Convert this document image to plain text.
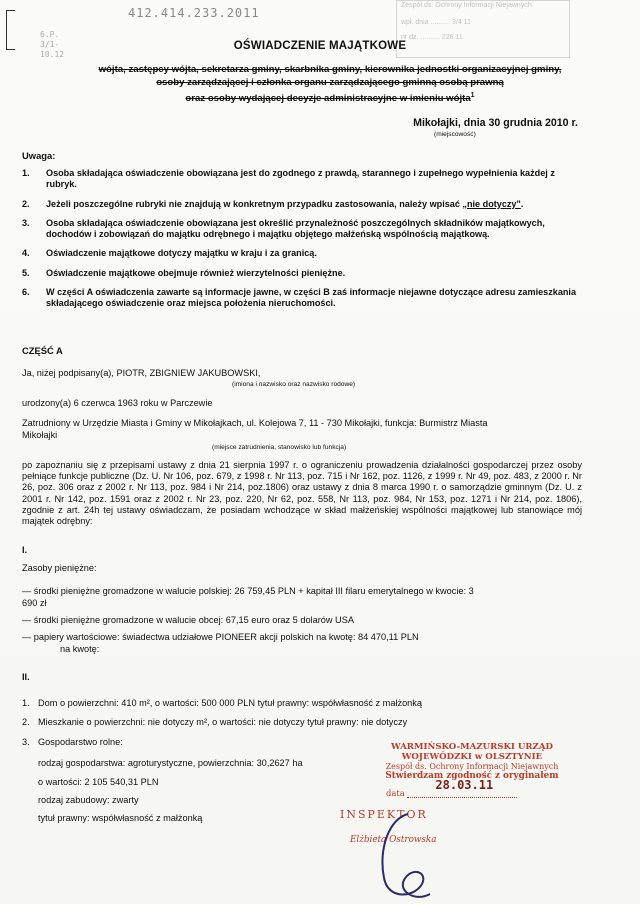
412.414.233.2011
6.P. 3/1-10.12
Zespół ds. Ochrony Informacji Niejawnych
wpł. dnia .......... 3/4 11
nr dz. .......... 226 11
OŚWIADCZENIE MAJĄTKOWE
wójta, zastępcy wójta, sekretarza gminy, skarbnika gminy, kierownika jednostki organizacyjnej gminy,
osoby zarządzającej i członka organu zarządzającego gminną osobą prawną
oraz osoby wydającej decyzje administracyjne w imieniu wójta$^1$
Mikołajki, dnia 30 grudnia 2010 r.
(miejscowość)
Uwaga:
1. Osoba składająca oświadczenie obowiązana jest do zgodnego z prawdą, starannego i zupełnego wypełnienia każdej z rubryk.
2. Jeżeli poszczególne rubryki nie znajdują w konkretnym przypadku zastosowania, należy wpisać „nie dotyczy".
3. Osoba składająca oświadczenie obowiązana jest określić przynależność poszczególnych składników majątkowych, dochodów i zobowiązań do majątku odrębnego i majątku objętego małżeńską wspólnością majątkową.
4. Oświadczenie majątkowe dotyczy majątku w kraju i za granicą.
5. Oświadczenie majątkowe obejmuje również wierzytelności pieniężne.
6. W części A oświadczenia zawarte są informacje jawne, w części B zaś informacje niejawne dotyczące adresu zamieszkania składającego oświadczenie oraz miejsca położenia nieruchomości.
CZĘŚĆ A
Ja, niżej podpisany(a), PIOTR, ZBIGNIEW JAKUBOWSKI,
(imiona i nazwisko oraz nazwisko rodowe)
urodzony(a) 6 czerwca 1963 roku w Parczewie
Zatrudniony w Urzędzie Miasta i Gminy w Mikołajkach, ul. Kolejowa 7, 11 - 730 Mikołajki, funkcja: Burmistrz Miasta
Mikołajki
(miejsce zatrudnienia, stanowisko lub funkcja)
po zapoznaniu się z przepisami ustawy z dnia 21 sierpnia 1997 r. o ograniczeniu prowadzenia działalności gospodarczej przez osoby pełniące funkcje publiczne (Dz. U. Nr 106, poz. 679, z 1998 r. Nr 113, poz. 715 i Nr 162, poz. 1126, z 1999 r. Nr 49, poz. 483, z 2000 r. Nr 26, poz. 306 oraz z 2002 r. Nr 113, poz. 984 i Nr 214, poz.1806) oraz ustawy z dnia 8 marca 1990 r. o samorządzie gminnym (Dz. U. z 2001 r. Nr 142, poz. 1591 oraz z 2002 r. Nr 23, poz. 220, Nr 62, poz. 558, Nr 113, poz. 984, Nr 153, poz. 1271 i Nr 214, poz. 1806), zgodnie z art. 24h tej ustawy oświadczam, że posiadam wchodzące w skład małżeńskiej wspólności majątkowej lub stanowiące mój majątek odrębny:
I.
Zasoby pieniężne:
— środki pieniężne gromadzone w walucie polskiej: 26 759,45 PLN + kapitał III filaru emerytalnego w kwocie: 3
690 zł
— środki pieniężne gromadzone w walucie obcej: 67,15 euro oraz 5 dolarów USA
— papiery wartościowe: świadectwa udziałowe PIONEER akcji polskich na kwotę: 84 470,11 PLN
na kwotę:
II.
1. Dom o powierzchni: 410 m², o wartości: 500 000 PLN tytuł prawny: współwłasność z małżonką
2. Mieszkanie o powierzchni: nie dotyczy m², o wartości: nie dotyczy tytuł prawny: nie dotyczy
3. Gospodarstwo rolne:
rodzaj gospodarstwa: agroturystyczne, powierzchnia: 30,2627 ha
o wartości: 2 105 540,31 PLN
rodzaj zabudowy: zwarty
tytuł prawny: współwłasność z małżonką
WARMIŃSKO-MAZURSKI URZĄD
WOJEWÓDZKI w OLSZTYNIE
Zespół ds. Ochrony Informacji Niejawnych
Stwierdzam zgodność z oryginałem
data
28.03.11
INSPEKTOR
Elżbieta Ostrowska
